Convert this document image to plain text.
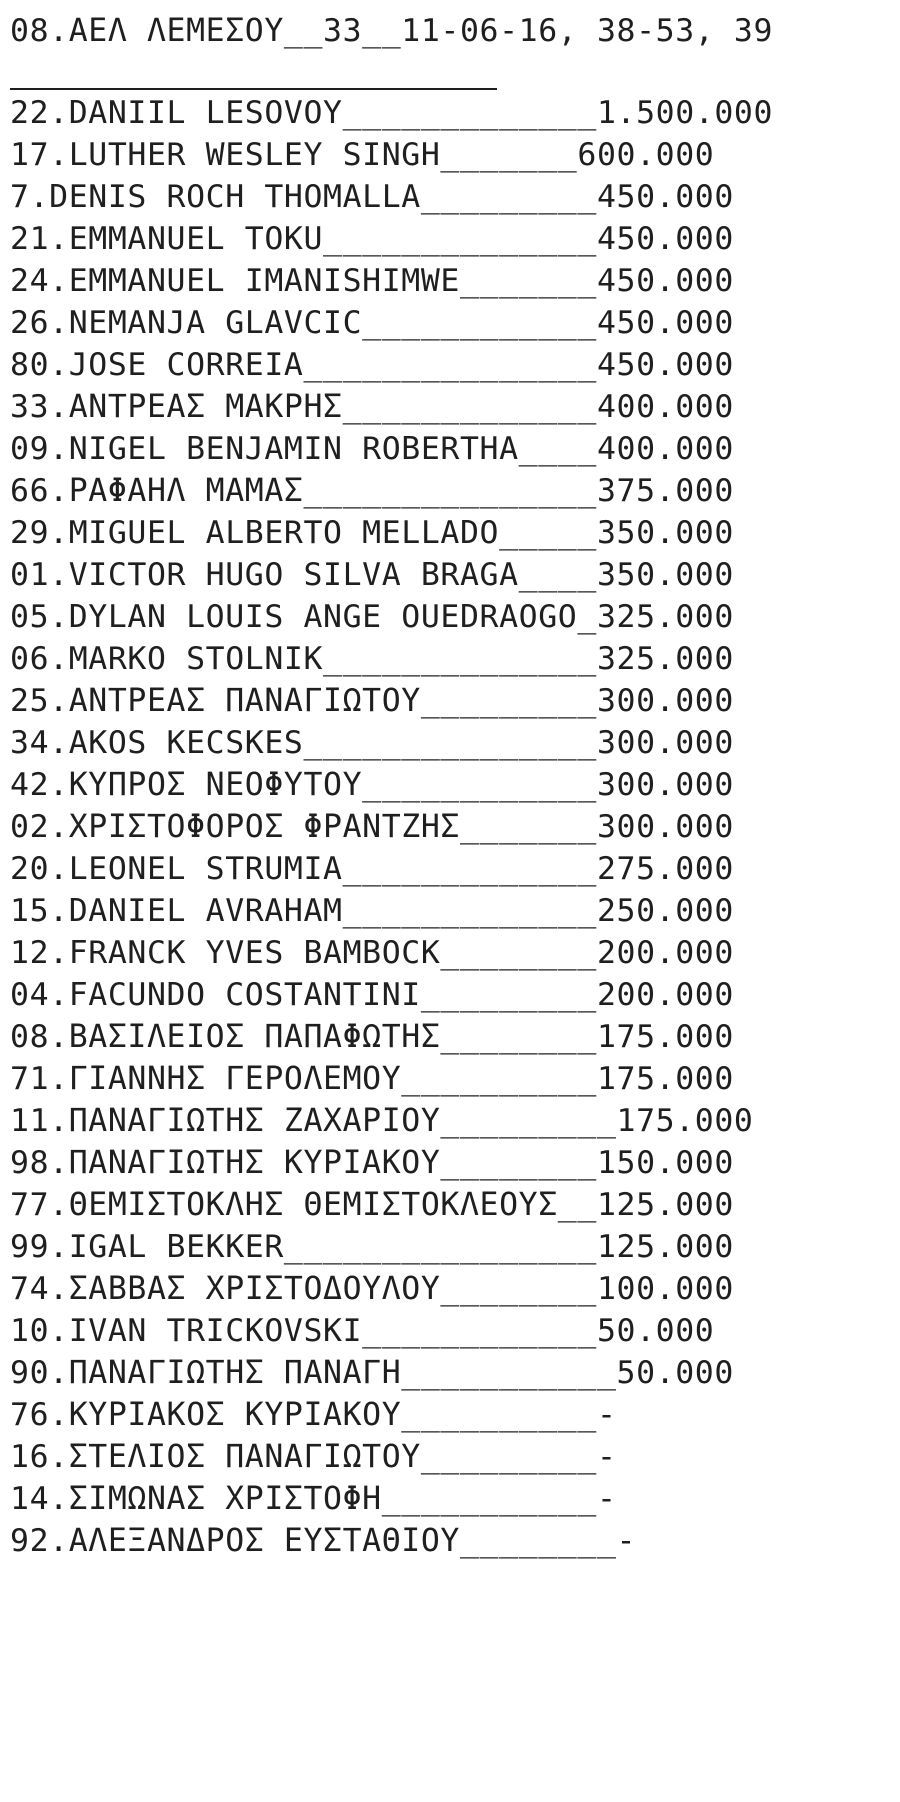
08.ΑΕΛ ΛΕΜΕΣΟΥ__33__11-06-16, 38-53, 39
22.DANIIL LESOVOY_____________1.500.000
17.LUTHER WESLEY SINGH_______600.000
7.DENIS ROCH THOMALLA_________450.000
21.EMMANUEL TOKU______________450.000
24.EMMANUEL IMANISHIMWE_______450.000
26.NEMANJA GLAVCIC____________450.000
80.JOSE CORREIA_______________450.000
33.ΑΝΤΡΕΑΣ ΜΑΚΡΗΣ_____________400.000
09.NIGEL BENJAMIN ROBERTHA____400.000
66.ΡΑΦΑΗΛ ΜΑΜΑΣ_______________375.000
29.MIGUEL ALBERTO MELLADO_____350.000
01.VICTOR HUGO SILVA BRAGA____350.000
05.DYLAN LOUIS ANGE OUEDRAOGO_325.000
06.MARKO STOLNIK______________325.000
25.ΑΝΤΡΕΑΣ ΠΑΝΑΓΙΩΤΟΥ_________300.000
34.AKOS KECSKES_______________300.000
42.ΚΥΠΡΟΣ ΝΕΟΦΥΤΟΥ____________300.000
02.ΧΡΙΣΤΟΦΟΡΟΣ ΦΡΑΝΤΖΗΣ_______300.000
20.LEONEL STRUMIA_____________275.000
15.DANIEL AVRAHAM_____________250.000
12.FRANCK YVES BAMBOCK________200.000
04.FACUNDO COSTANTINI_________200.000
08.ΒΑΣΙΛΕΙΟΣ ΠΑΠΑΦΩΤΗΣ________175.000
71.ΓΙΑΝΝΗΣ ΓΕΡΟΛΕΜΟΥ__________175.000
11.ΠΑΝΑΓΙΩΤΗΣ ΖΑΧΑΡΙΟΥ_________175.000
98.ΠΑΝΑΓΙΩΤΗΣ ΚΥΡΙΑΚΟΥ________150.000
77.ΘΕΜΙΣΤΟΚΛΗΣ ΘΕΜΙΣΤΟΚΛΕΟΥΣ__125.000
99.IGAL BEKKER________________125.000
74.ΣΑΒΒΑΣ ΧΡΙΣΤΟΔΟΥΛΟΥ________100.000
10.IVAN TRICKOVSKI____________50.000
90.ΠΑΝΑΓΙΩΤΗΣ ΠΑΝΑΓΗ___________50.000
76.ΚΥΡΙΑΚΟΣ ΚΥΡΙΑΚΟΥ__________-
16.ΣΤΕΛΙΟΣ ΠΑΝΑΓΙΩΤΟΥ_________-
14.ΣΙΜΩΝΑΣ ΧΡΙΣΤΟΦΗ___________-
92.ΑΛΕΞΑΝΔΡΟΣ ΕΥΣΤΑΘΙΟΥ________-
